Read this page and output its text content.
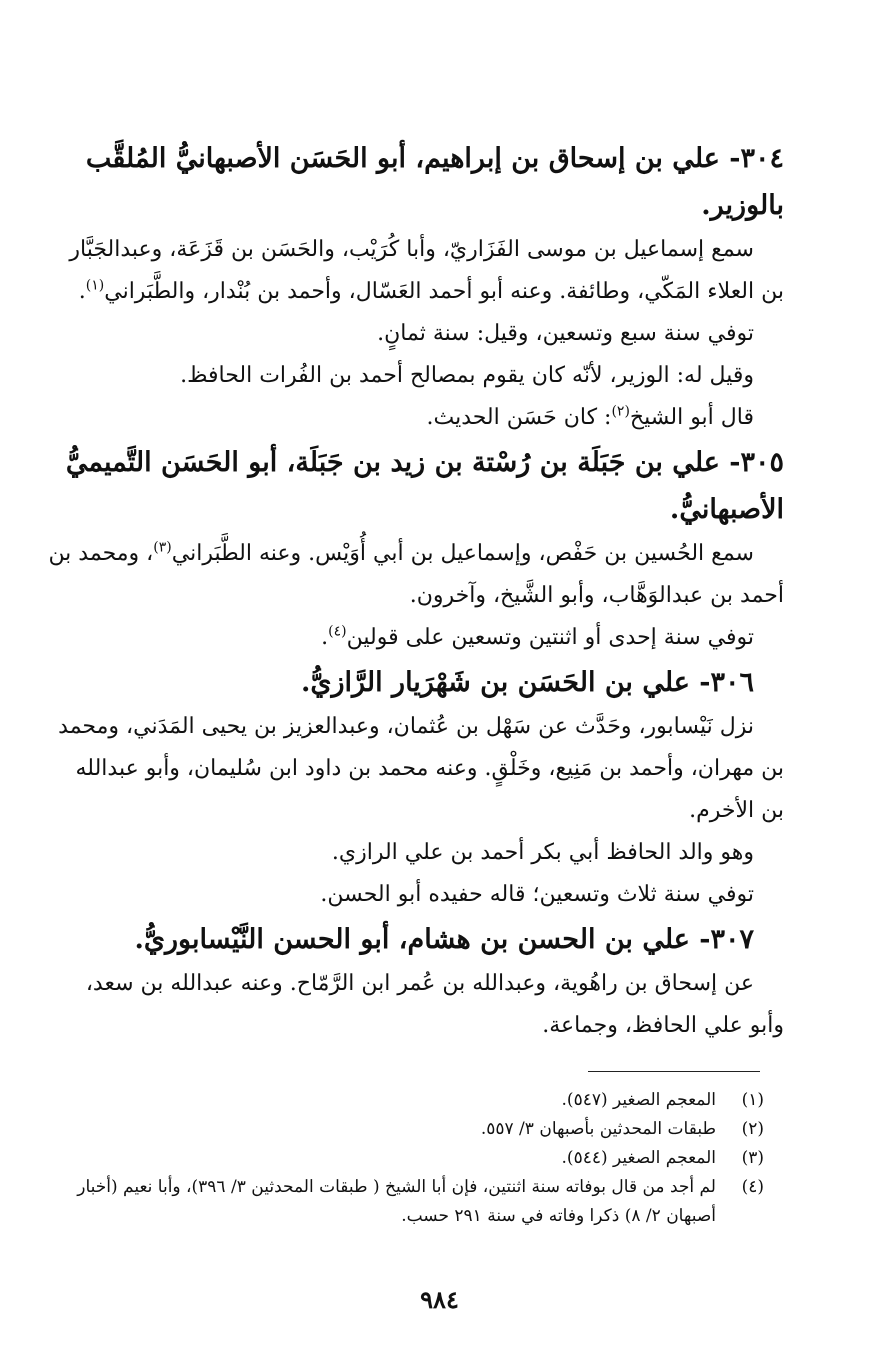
٣٠٤- علي بن إسحاق بن إبراهيم، أبو الحَسَن الأصبهانيُّ المُلقَّب بالوزير.

سمع إسماعيل بن موسى الفَزَاريّ، وأبا كُرَيْب، والحَسَن بن قَزَعَة، وعبدالجَبَّار بن العلاء المَكّي، وطائفة. وعنه أبو أحمد العَسّال، وأحمد بن بُنْدار، والطَّبَراني$^{(١)}$.

توفي سنة سبع وتسعين، وقيل: سنة ثمانٍ.

وقيل له: الوزير، لأنّه كان يقوم بمصالح أحمد بن الفُرات الحافظ.

قال أبو الشيخ$^{(٢)}$: كان حَسَن الحديث.

٣٠٥- علي بن جَبَلَة بن رُسْتة بن زيد بن جَبَلَة، أبو الحَسَن التَّميميُّ الأصبهانيُّ.

سمع الحُسين بن حَفْص، وإسماعيل بن أبي أُوَيْس. وعنه الطَّبَراني$^{(٣)}$، ومحمد بن أحمد بن عبدالوَهَّاب، وأبو الشَّيخ، وآخرون.

توفي سنة إحدى أو اثنتين وتسعين على قولين$^{(٤)}$.

٣٠٦- علي بن الحَسَن بن شَهْرَيار الرَّازيُّ.

نزل نَيْسابور، وحَدَّث عن سَهْل بن عُثمان، وعبدالعزيز بن يحيى المَدَني، ومحمد بن مهران، وأحمد بن مَنِيع، وخَلْقٍ. وعنه محمد بن داود ابن سُليمان، وأبو عبدالله بن الأخرم.

وهو والد الحافظ أبي بكر أحمد بن علي الرازي.

توفي سنة ثلاث وتسعين؛ قاله حفيده أبو الحسن.

٣٠٧- علي بن الحسن بن هشام، أبو الحسن النَّيْسابوريُّ.

عن إسحاق بن راهُوية، وعبدالله بن عُمر ابن الرَّمّاح. وعنه عبدالله بن سعد، وأبو علي الحافظ، وجماعة.

(١)
المعجم الصغير (٥٤٧).
(٢)
طبقات المحدثين بأصبهان ٣/ ٥٥٧.
(٣)
المعجم الصغير (٥٤٤).
(٤)
لم أجد من قال بوفاته سنة اثنتين، فإن أبا الشيخ ( طبقات المحدثين ٣/ ٣٩٦)، وأبا نعيم (أخبار أصبهان ٢/ ٨) ذكرا وفاته في سنة ٢٩١ حسب.
٩٨٤
